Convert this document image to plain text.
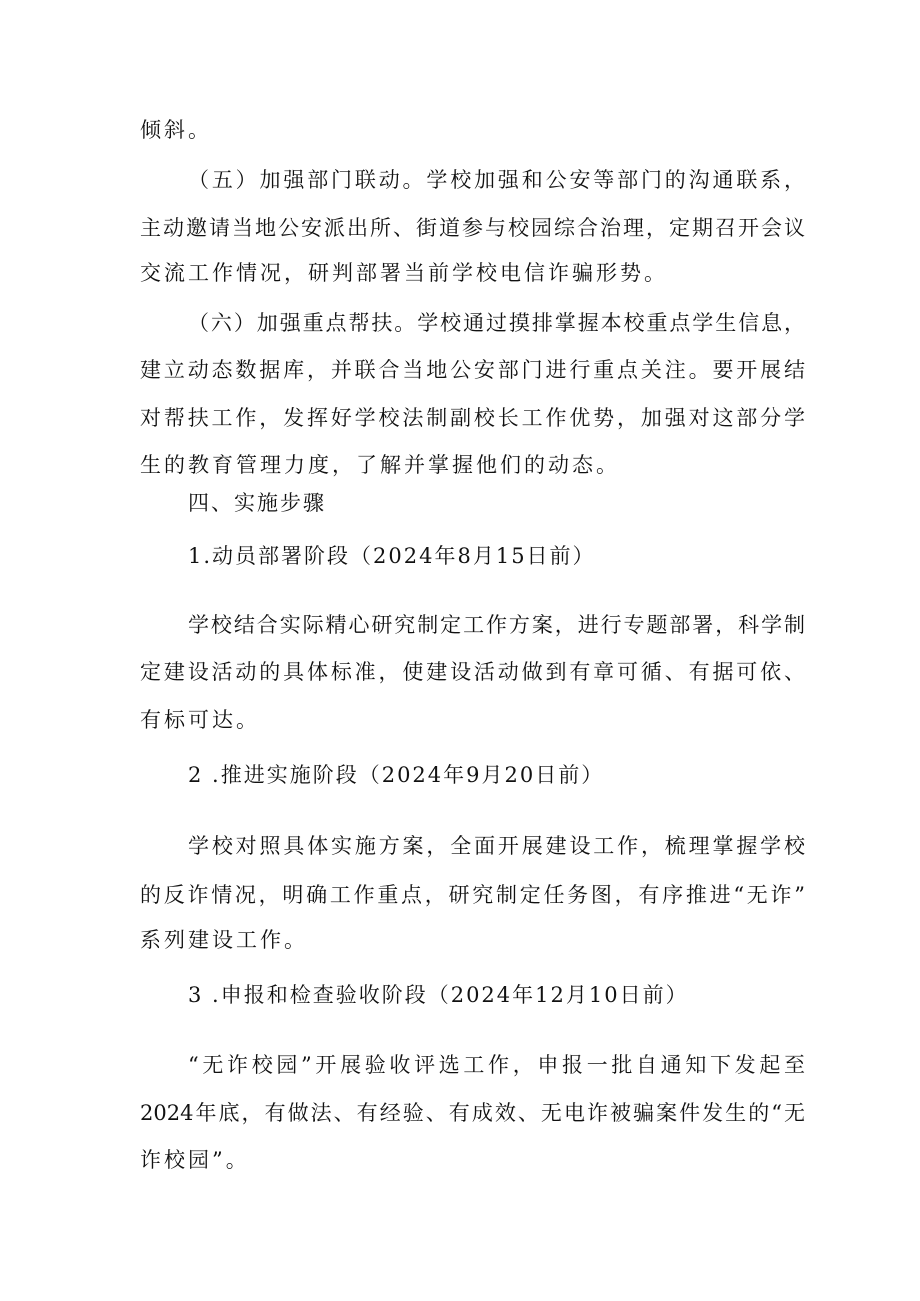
倾斜。
（五）加强部门联动。学校加强和公安等部门的沟通联系，
主动邀请当地公安派出所、街道参与校园综合治理，定期召开会议
交流工作情况，研判部署当前学校电信诈骗形势。
（六）加强重点帮扶。学校通过摸排掌握本校重点学生信息，
建立动态数据库，并联合当地公安部门进行重点关注。要开展结
对帮扶工作，发挥好学校法制副校长工作优势，加强对这部分学
生的教育管理力度，了解并掌握他们的动态。
四、实施步骤
1.动员部署阶段（2024年8月15日前）
学校结合实际精心研究制定工作方案，进行专题部署，科学制
定建设活动的具体标准，使建设活动做到有章可循、有据可依、
有标可达。
2 .推进实施阶段（2024年9月20日前）
学校对照具体实施方案，全面开展建设工作，梳理掌握学校
的反诈情况，明确工作重点，研究制定任务图，有序推进“无诈”
系列建设工作。
3 .申报和检查验收阶段（2024年12月10日前）
“无诈校园”开展验收评选工作，申报一批自通知下发起至
2024年底，有做法、有经验、有成效、无电诈被骗案件发生的“无
诈校园”。
